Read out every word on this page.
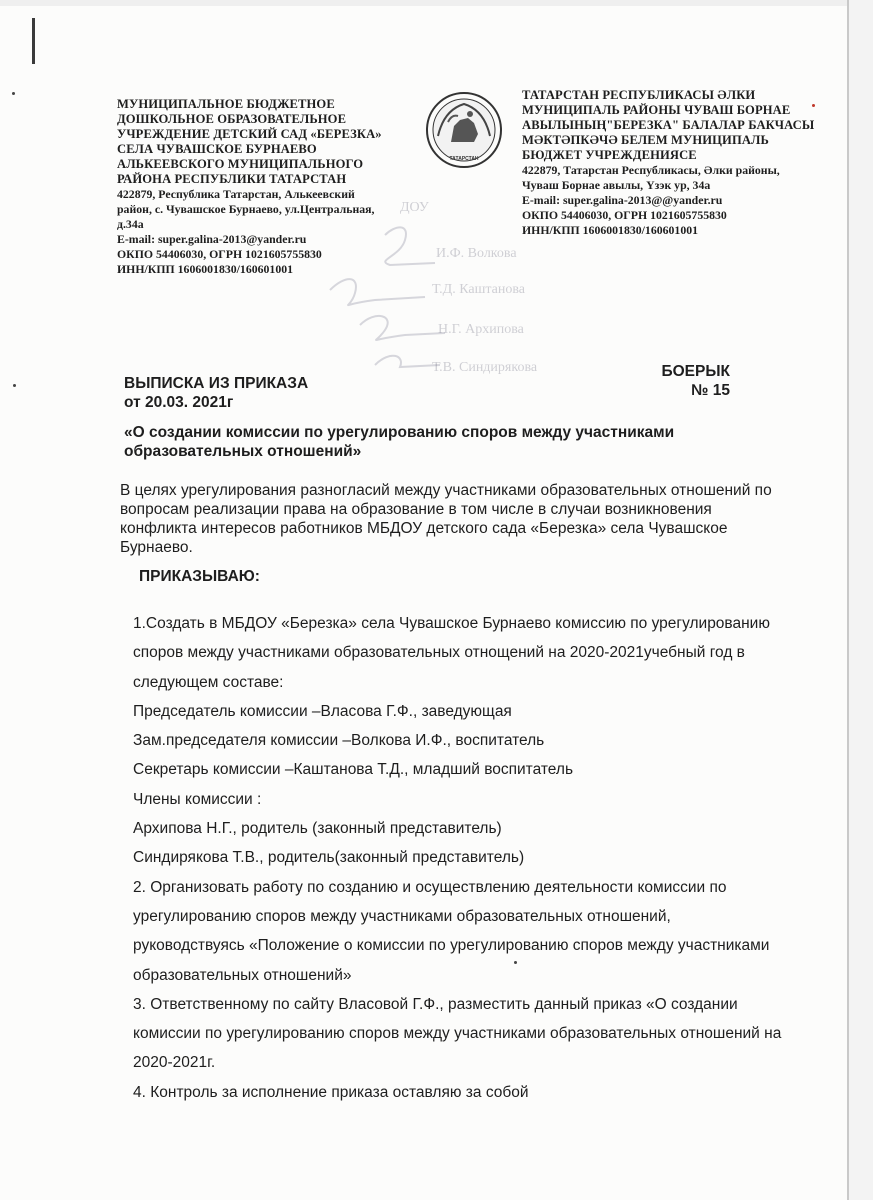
ДОУ
И.Ф. Волкова
Т.Д. Каштанова
Н.Г. Архипова
Т.В. Синдирякова
МУНИЦИПАЛЬНОЕ БЮДЖЕТНОЕ
ДОШКОЛЬНОЕ ОБРАЗОВАТЕЛЬНОЕ
УЧРЕЖДЕНИЕ ДЕТСКИЙ САД «БЕРЕЗКА»
СЕЛА ЧУВАШСКОЕ БУРНАЕВО
АЛЬКЕЕВСКОГО МУНИЦИПАЛЬНОГО
РАЙОНА РЕСПУБЛИКИ ТАТАРСТАН
422879, Республика Татарстан, Алькеевский
район, с. Чувашское Бурнаево, ул.Центральная,
д.34а
E-mail: super.galina-2013@yander.ru
ОКПО 54406030, ОГРН 1021605755830
ИНН/КПП 1606001830/160601001
ТАТАРСТАН
ТАТАРСТАН РЕСПУБЛИКАСЫ ӘЛКИ
МУНИЦИПАЛЬ РАЙОНЫ ЧУВАШ БОРНАЕ
АВЫЛЫНЫҢ"БЕРЕЗКА" БАЛАЛАР БАКЧАСЫ
МӘКТӘПКӘЧӘ БЕЛЕМ МУНИЦИПАЛЬ
БЮДЖЕТ УЧРЕЖДЕНИЯСЕ
422879, Татарстан Республикасы, Әлки районы,
Чуваш Борнае авылы, Үзэк ур, 34а
E-mail: super.galina-2013@@yander.ru
ОКПО 54406030, ОГРН 1021605755830
ИНН/КПП 1606001830/160601001
ВЫПИСКА ИЗ ПРИКАЗА
от 20.03. 2021г
БОЕРЫК
№ 15
«О создании комиссии по урегулированию споров между участниками
образовательных отношений»
В целях урегулирования разногласий между участниками образовательных отношений по
вопросам реализации права на образование в том числе в случаи возникновения
конфликта интересов работников МБДОУ детского сада «Березка» села Чувашское
Бурнаево.
ПРИКАЗЫВАЮ:
1.Создать в МБДОУ «Березка» села Чувашское Бурнаево комиссию по урегулированию
споров между участниками образовательных отнощений на 2020-2021учебный год в
следующем составе:
Председатель комиссии –Власова Г.Ф., заведующая
Зам.председателя комиссии –Волкова И.Ф., воспитатель
Секретарь комиссии –Каштанова Т.Д., младший воспитатель
Члены комиссии :
Архипова Н.Г., родитель (законный представитель)
Синдирякова Т.В., родитель(законный представитель)
2. Организовать работу по созданию и осуществлению деятельности комиссии по
урегулированию споров между участниками образовательных отношений,
руководствуясь «Положение о комиссии по урегулированию споров между участниками
образовательных отношений»
3. Ответственному по сайту Власовой Г.Ф., разместить данный приказ «О создании
комиссии по урегулированию споров между участниками образовательных отношений на
2020-2021г.
4. Контроль за исполнение приказа оставляю за собой
